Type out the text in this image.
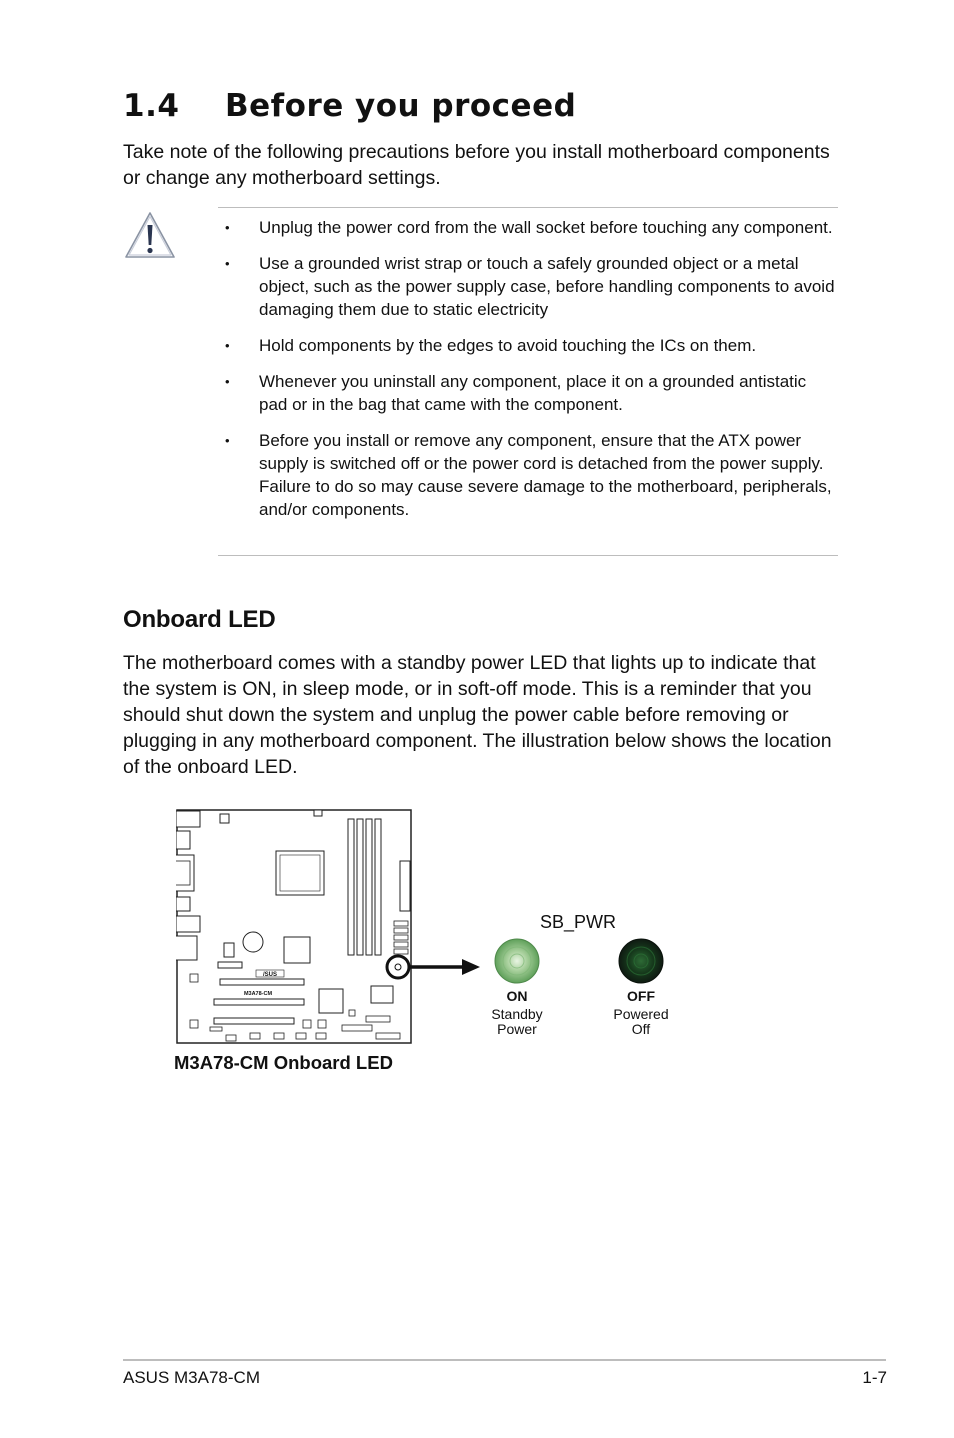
1.4 Before you proceed
Take note of the following precautions before you install motherboard components or change any motherboard settings.
• Unplug the power cord from the wall socket before touching any component.
• Use a grounded wrist strap or touch a safely grounded object or a metal object, such as the power supply case, before handling components to avoid damaging them due to static electricity
• Hold components by the edges to avoid touching the ICs on them.
• Whenever you uninstall any component, place it on a grounded antistatic pad or in the bag that came with the component.
• Before you install or remove any component, ensure that the ATX power supply is switched off or the power cord is detached from the power supply. Failure to do so may cause severe damage to the motherboard, peripherals, and/or components.
Onboard LED
The motherboard comes with a standby power LED that lights up to indicate that the system is ON, in sleep mode, or in soft-off mode. This is a reminder that you should shut down the system and unplug the power cable before removing or plugging in any motherboard component. The illustration below shows the location of the onboard LED.
/SUS
M3A78-CM
M3A78-CM Onboard LED
SB_PWR
ON
Standby
Power
OFF
Powered
Off
ASUS M3A78-CM	1-7
